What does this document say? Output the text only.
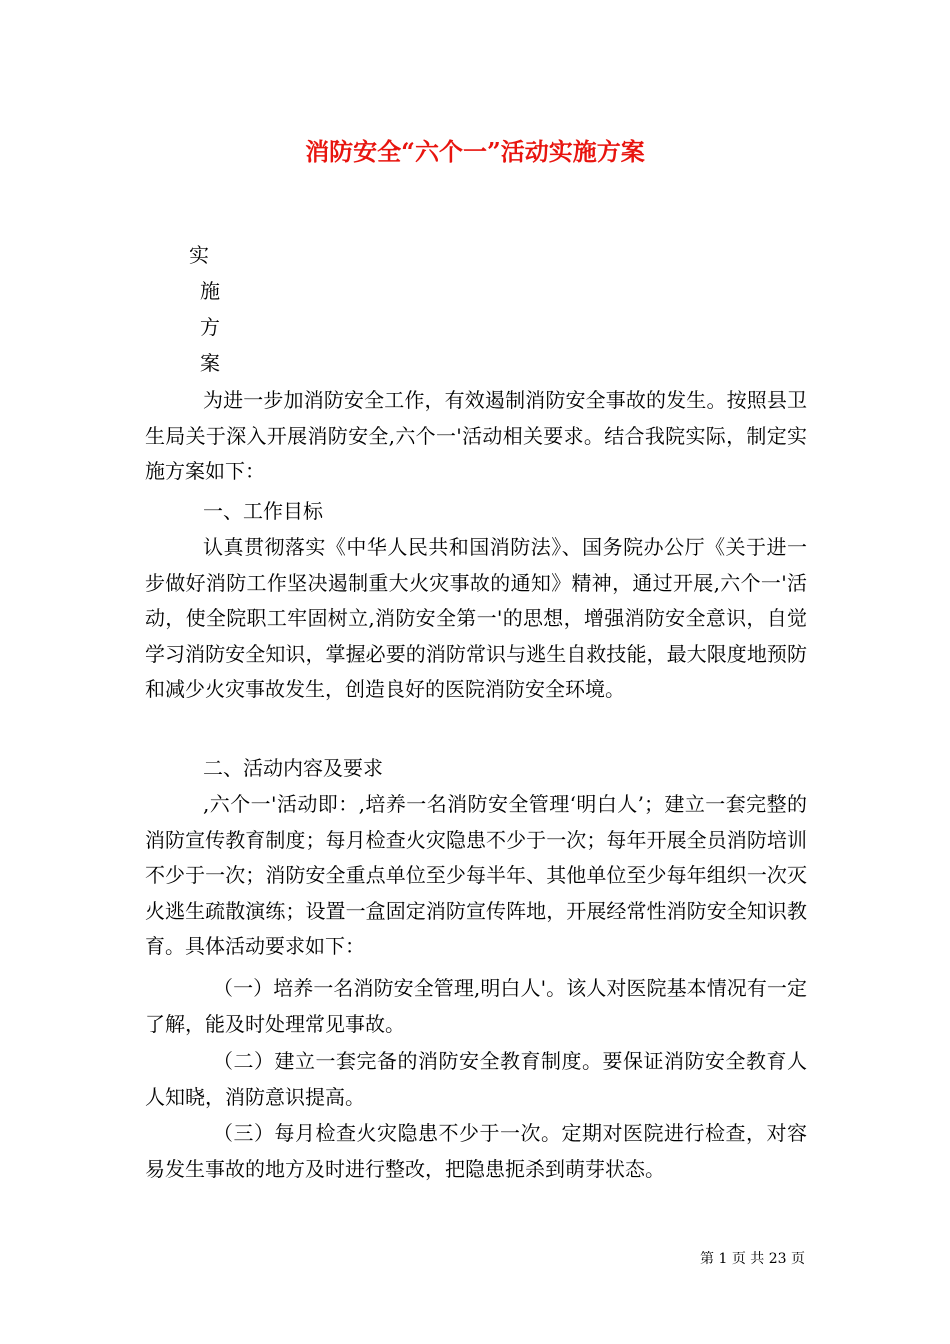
消防安全“六个一”活动实施方案
实
施
方
案
为进一步加消防安全工作，有效遏制消防安全事故的发生。按照县卫生局关于深入开展消防安全,六个一'活动相关要求。结合我院实际，制定实施方案如下：
一、工作目标
认真贯彻落实《中华人民共和国消防法》、国务院办公厅《关于进一步做好消防工作坚决遏制重大火灾事故的通知》精神，通过开展,六个一'活动，使全院职工牢固树立,消防安全第一'的思想，增强消防安全意识，自觉学习消防安全知识，掌握必要的消防常识与逃生自救技能，最大限度地预防和减少火灾事故发生，创造良好的医院消防安全环境。
二、活动内容及要求
,六个一'活动即：,培养一名消防安全管理‘明白人’；建立一套完整的消防宣传教育制度；每月检查火灾隐患不少于一次；每年开展全员消防培训不少于一次；消防安全重点单位至少每半年、其他单位至少每年组织一次灭火逃生疏散演练；设置一盒固定消防宣传阵地，开展经常性消防安全知识教育。具体活动要求如下：
（一）培养一名消防安全管理,明白人'。该人对医院基本情况有一定了解，能及时处理常见事故。
（二）建立一套完备的消防安全教育制度。要保证消防安全教育人人知晓，消防意识提高。
（三）每月检查火灾隐患不少于一次。定期对医院进行检查，对容易发生事故的地方及时进行整改，把隐患扼杀到萌芽状态。
第 1 页 共 23 页
